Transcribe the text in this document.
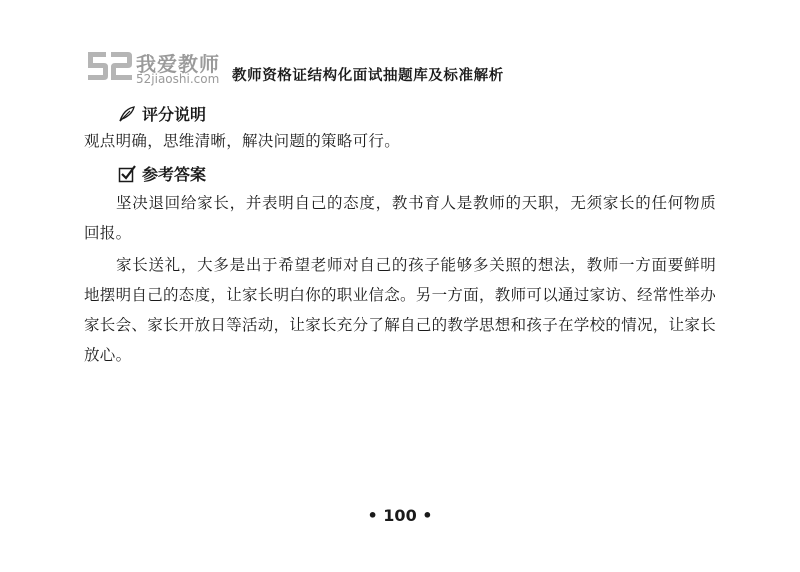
我爱教师
52jiaoshi.com 教师资格证结构化面试抽题库及标准解析
评分说明
观点明确，思维清晰，解决问题的策略可行。
参考答案
坚决退回给家长，并表明自己的态度，教书育人是教师的天职，无须家长的任何物质回报。
家长送礼，大多是出于希望老师对自己的孩子能够多关照的想法，教师一方面要鲜明地摆明自己的态度，让家长明白你的职业信念。另一方面，教师可以通过家访、经常性举办家长会、家长开放日等活动，让家长充分了解自己的教学思想和孩子在学校的情况，让家长放心。
• 100 •
